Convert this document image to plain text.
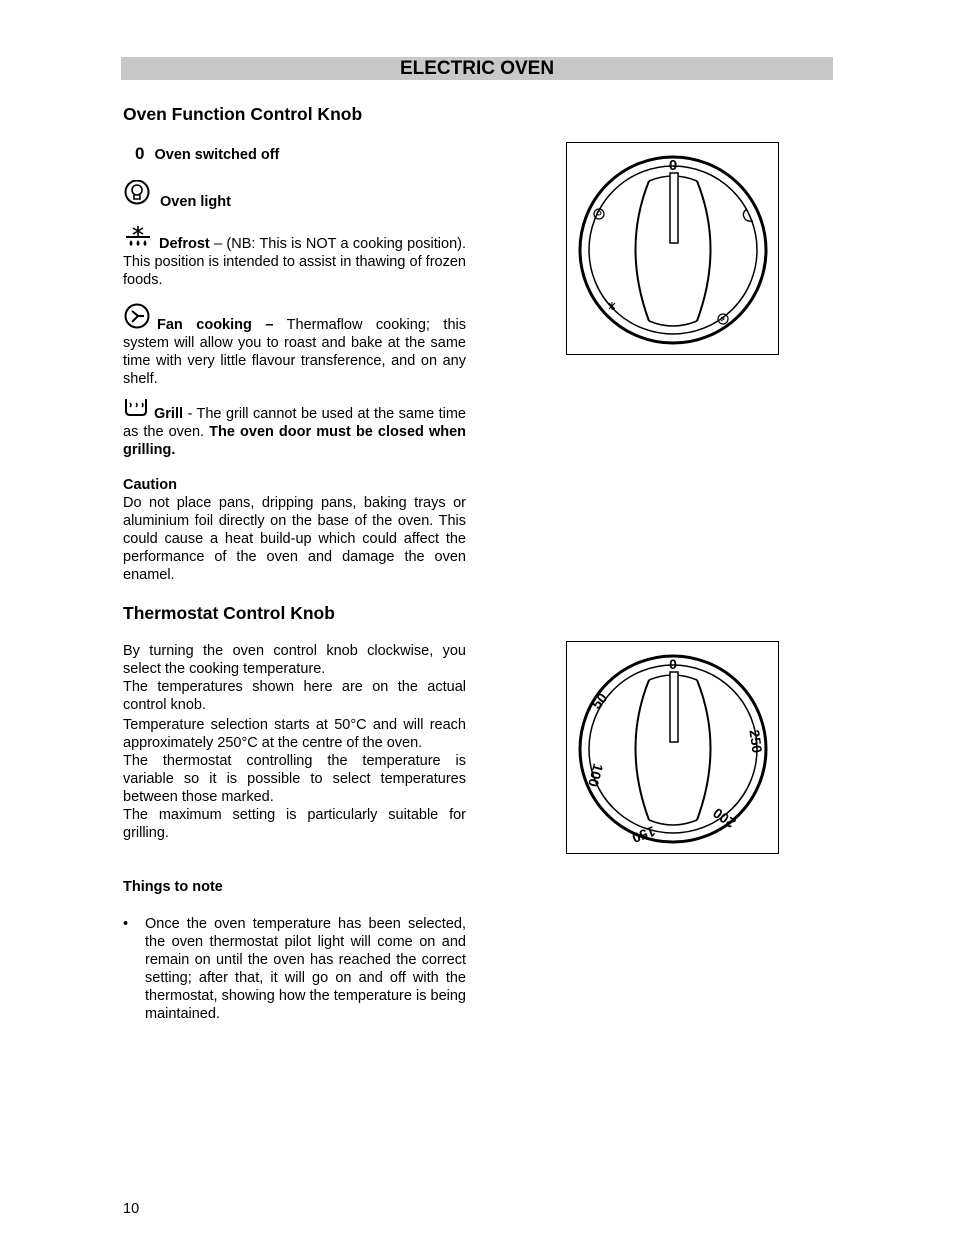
ELECTRIC OVEN
Oven Function Control Knob
0 Oven switched off
Oven light

Defrost – (NB: This is NOT a cooking position). This position is intended to assist in thawing of frozen foods.

Fan cooking – Thermaflow cooking; this system will allow you to roast and bake at the same time with very little flavour transference, and on any shelf.

Grill - The grill cannot be used at the same time as the oven. The oven door must be closed when grilling.

Caution

Do not place pans, dripping pans, baking trays or aluminium foil directly on the base of the oven. This could cause a heat build-up which could affect the performance of the oven and damage the oven enamel.

0
Thermostat Control Knob

By turning the oven control knob clockwise, you select the cooking temperature.

The temperatures shown here are on the actual control knob.

Temperature selection starts at 50°C and will reach approximately 250°C at the centre of the oven.

The thermostat controlling the temperature is variable so it is possible to select temperatures between those marked.

The maximum setting is particularly suitable for grilling.

Things to note
• Once the oven temperature has been selected, the oven thermostat pilot light will come on and remain on until the oven has reached the correct setting; after that, it will go on and off with the thermostat, showing how the temperature is being maintained.
0
50
250
100
150
200
10
